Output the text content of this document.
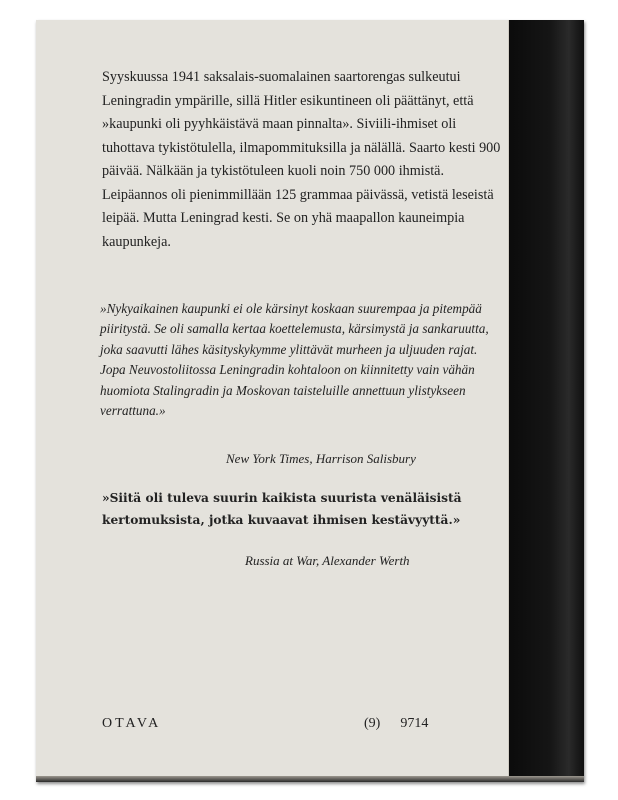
Syyskuussa 1941 saksalais-suomalainen saartorengas sulkeutui Leningradin ympärille, sillä Hitler esikuntineen oli päättänyt, että »kaupunki oli pyyhkäistävä maan pinnalta». Siviili-ihmiset oli tuhottava tykistötulella, ilmapommituksilla ja nälällä. Saarto kesti 900 päivää. Nälkään ja tykistötuleen kuoli noin 750 000 ihmistä. Leipäannos oli pienimmillään 125 grammaa päivässä, vetistä leseistä leipää. Mutta Leningrad kesti. Se on yhä maapallon kauneimpia kaupunkeja.

»Nykyaikainen kaupunki ei ole kärsinyt koskaan suurempaa ja pitempää piiritystä. Se oli samalla kertaa koettelemusta, kärsimystä ja sankaruutta, joka saavutti lähes käsityskykymme ylittävät murheen ja uljuuden rajat. Jopa Neuvostoliitossa Leningradin kohtaloon on kiinnitetty vain vähän huomiota Stalingradin ja Moskovan taisteluille annettuun ylistykseen verrattuna.»

New York Times, Harrison Salisbury

»Siitä oli tuleva suurin kaikista suurista venäläisistä kertomuksista, jotka kuvaavat ihmisen kestävyyttä.»

Russia at War, Alexander Werth
OTAVA	(9) 9714
